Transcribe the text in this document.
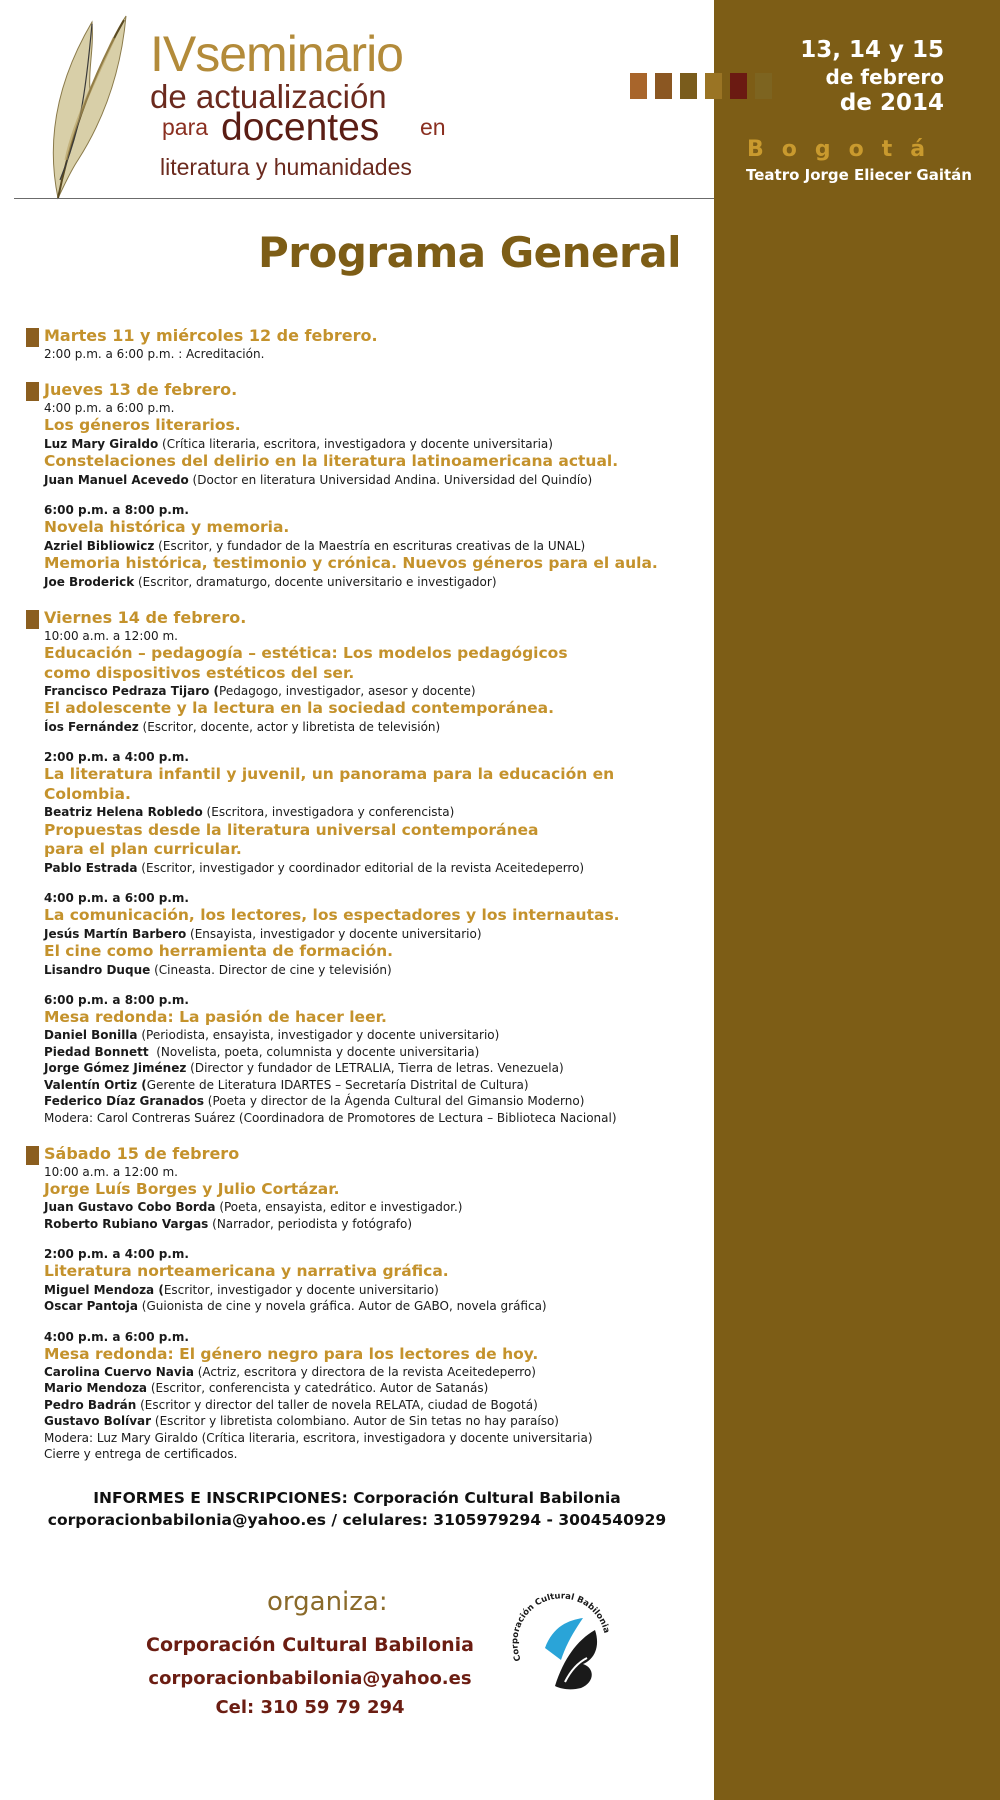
13, 14 y 15
de febrero
de 2014
Bogotá
Teatro Jorge Eliecer Gaitán
IVseminario
de actualización
para docentes en
literatura y humanidades
Programa General
Martes 11 y miércoles 12 de febrero.
2:00 p.m. a 6:00 p.m. : Acreditación.
Jueves 13 de febrero.
4:00 p.m. a 6:00 p.m.
Los géneros literarios.
Luz Mary Giraldo (Crítica literaria, escritora, investigadora y docente universitaria)
Constelaciones del delirio en la literatura latinoamericana actual.
Juan Manuel Acevedo (Doctor en literatura Universidad Andina. Universidad del Quindío)
6:00 p.m. a 8:00 p.m.
Novela histórica y memoria.
Azriel Bibliowicz (Escritor, y fundador de la Maestría en escrituras creativas de la UNAL)
Memoria histórica, testimonio y crónica. Nuevos géneros para el aula.
Joe Broderick (Escritor, dramaturgo, docente universitario e investigador)
Viernes 14 de febrero.
10:00 a.m. a 12:00 m.
Educación – pedagogía – estética: Los modelos pedagógicos
como dispositivos estéticos del ser.
Francisco Pedraza Tijaro (Pedagogo, investigador, asesor y docente)
El adolescente y la lectura en la sociedad contemporánea.
Íos Fernández (Escritor, docente, actor y libretista de televisión)
2:00 p.m. a 4:00 p.m.
La literatura infantil y juvenil, un panorama para la educación en Colombia.
Beatriz Helena Robledo (Escritora, investigadora y conferencista)
Propuestas desde la literatura universal contemporánea
para el plan curricular.
Pablo Estrada (Escritor, investigador y coordinador editorial de la revista Aceitedeperro)
4:00 p.m. a 6:00 p.m.
La comunicación, los lectores, los espectadores y los internautas.
Jesús Martín Barbero (Ensayista, investigador y docente universitario)
El cine como herramienta de formación.
Lisandro Duque (Cineasta. Director de cine y televisión)
6:00 p.m. a 8:00 p.m.
Mesa redonda: La pasión de hacer leer.
Daniel Bonilla (Periodista, ensayista, investigador y docente universitario)
Piedad Bonnett  (Novelista, poeta, columnista y docente universitaria)
Jorge Gómez Jiménez (Director y fundador de LETRALIA, Tierra de letras. Venezuela)
Valentín Ortiz (Gerente de Literatura IDARTES – Secretaría Distrital de Cultura)
Federico Díaz Granados (Poeta y director de la Ágenda Cultural del Gimansio Moderno)
Modera: Carol Contreras Suárez (Coordinadora de Promotores de Lectura – Biblioteca Nacional)
Sábado 15 de febrero
10:00 a.m. a 12:00 m.
Jorge Luís Borges y Julio Cortázar.
Juan Gustavo Cobo Borda (Poeta, ensayista, editor e investigador.)
Roberto Rubiano Vargas (Narrador, periodista y fotógrafo)
2:00 p.m. a 4:00 p.m.
Literatura norteamericana y narrativa gráfica.
Miguel Mendoza (Escritor, investigador y docente universitario)
Oscar Pantoja (Guionista de cine y novela gráfica. Autor de GABO, novela gráfica)
4:00 p.m. a 6:00 p.m.
Mesa redonda: El género negro para los lectores de hoy.
Carolina Cuervo Navia (Actriz, escritora y directora de la revista Aceitedeperro)
Mario Mendoza (Escritor, conferencista y catedrático. Autor de Satanás)
Pedro Badrán (Escritor y director del taller de novela RELATA, ciudad de Bogotá)
Gustavo Bolívar (Escritor y libretista colombiano. Autor de Sin tetas no hay paraíso)
Modera: Luz Mary Giraldo (Crítica literaria, escritora, investigadora y docente universitaria)
Cierre y entrega de certificados.
INFORMES E INSCRIPCIONES: Corporación Cultural Babilonia
corporacionbabilonia@yahoo.es / celulares: 3105979294 - 3004540929
organiza:
Corporación Cultural Babilonia
corporacionbabilonia@yahoo.es
Cel: 310 59 79 294
Corporación Cultural Babilonia
